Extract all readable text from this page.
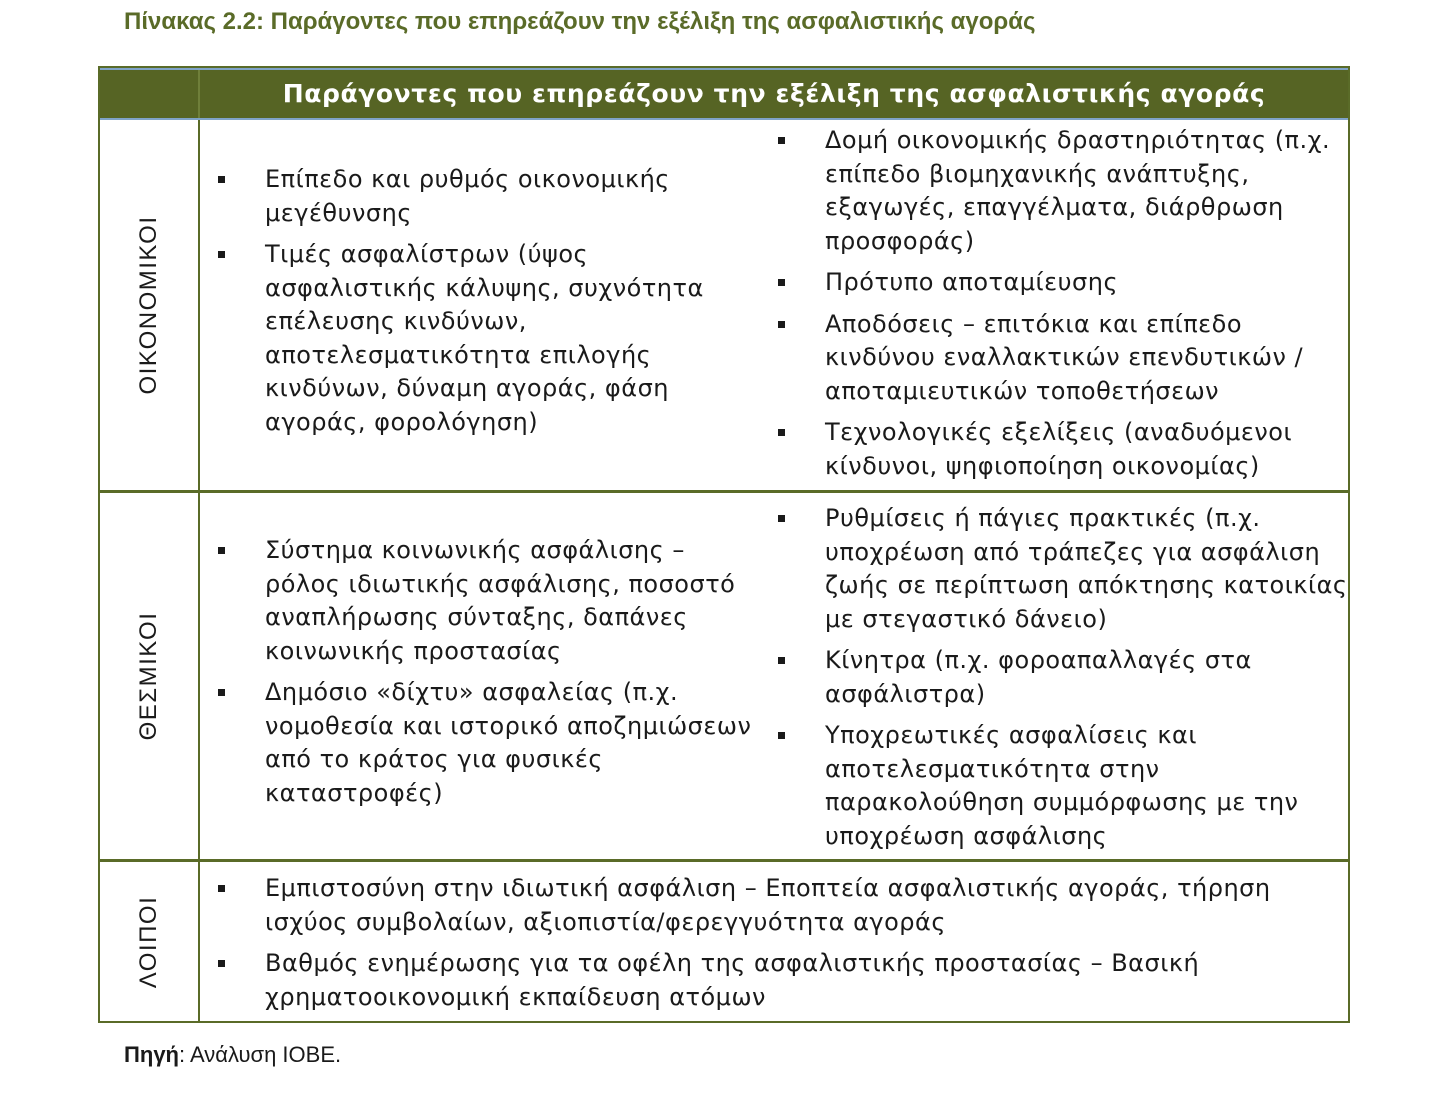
Πίνακας 2.2: Παράγοντες που επηρεάζουν την εξέλιξη της ασφαλιστικής αγοράς
Παράγοντες που επηρεάζουν την εξέλιξη της ασφαλιστικής αγοράς
ΟΙΚΟΝΟΜΙΚΟΙ
Επίπεδο και ρυθμός οικονομικής μεγέθυνσης
Τιμές ασφαλίστρων (ύψος ασφαλιστικής κάλυψης, συχνότητα επέλευσης κινδύνων, αποτελεσματικότητα επιλογής κινδύνων, δύναμη αγοράς, φάση αγοράς, φορολόγηση)
Δομή οικονομικής δραστηριότητας (π.χ. επίπεδο βιομηχανικής ανάπτυξης, εξαγωγές, επαγγέλματα, διάρθρωση προσφοράς)
Πρότυπο αποταμίευσης
Αποδόσεις – επιτόκια και επίπεδο κινδύνου εναλλακτικών επενδυτικών / αποταμιευτικών τοποθετήσεων
Τεχνολογικές εξελίξεις (αναδυόμενοι κίνδυνοι, ψηφιοποίηση οικονομίας)
ΘΕΣΜΙΚΟΙ
Σύστημα κοινωνικής ασφάλισης – ρόλος ιδιωτικής ασφάλισης, ποσοστό αναπλήρωσης σύνταξης, δαπάνες κοινωνικής προστασίας
Δημόσιο «δίχτυ» ασφαλείας (π.χ. νομοθεσία και ιστορικό αποζημιώσεων από το κράτος για φυσικές καταστροφές)
Ρυθμίσεις ή πάγιες πρακτικές (π.χ. υποχρέωση από τράπεζες για ασφάλιση ζωής σε περίπτωση απόκτησης κατοικίας με στεγαστικό δάνειο)
Κίνητρα (π.χ. φοροαπαλλαγές στα ασφάλιστρα)
Υποχρεωτικές ασφαλίσεις και αποτελεσματικότητα στην παρακολούθηση συμμόρφωσης με την υποχρέωση ασφάλισης
ΛΟΙΠΟΙ
Εμπιστοσύνη στην ιδιωτική ασφάλιση – Εποπτεία ασφαλιστικής αγοράς, τήρηση ισχύος συμβολαίων, αξιοπιστία/φερεγγυότητα αγοράς
Βαθμός ενημέρωσης για τα οφέλη της ασφαλιστικής προστασίας – Βασική χρηματοοικονομική εκπαίδευση ατόμων
Πηγή: Ανάλυση ΙΟΒΕ.
